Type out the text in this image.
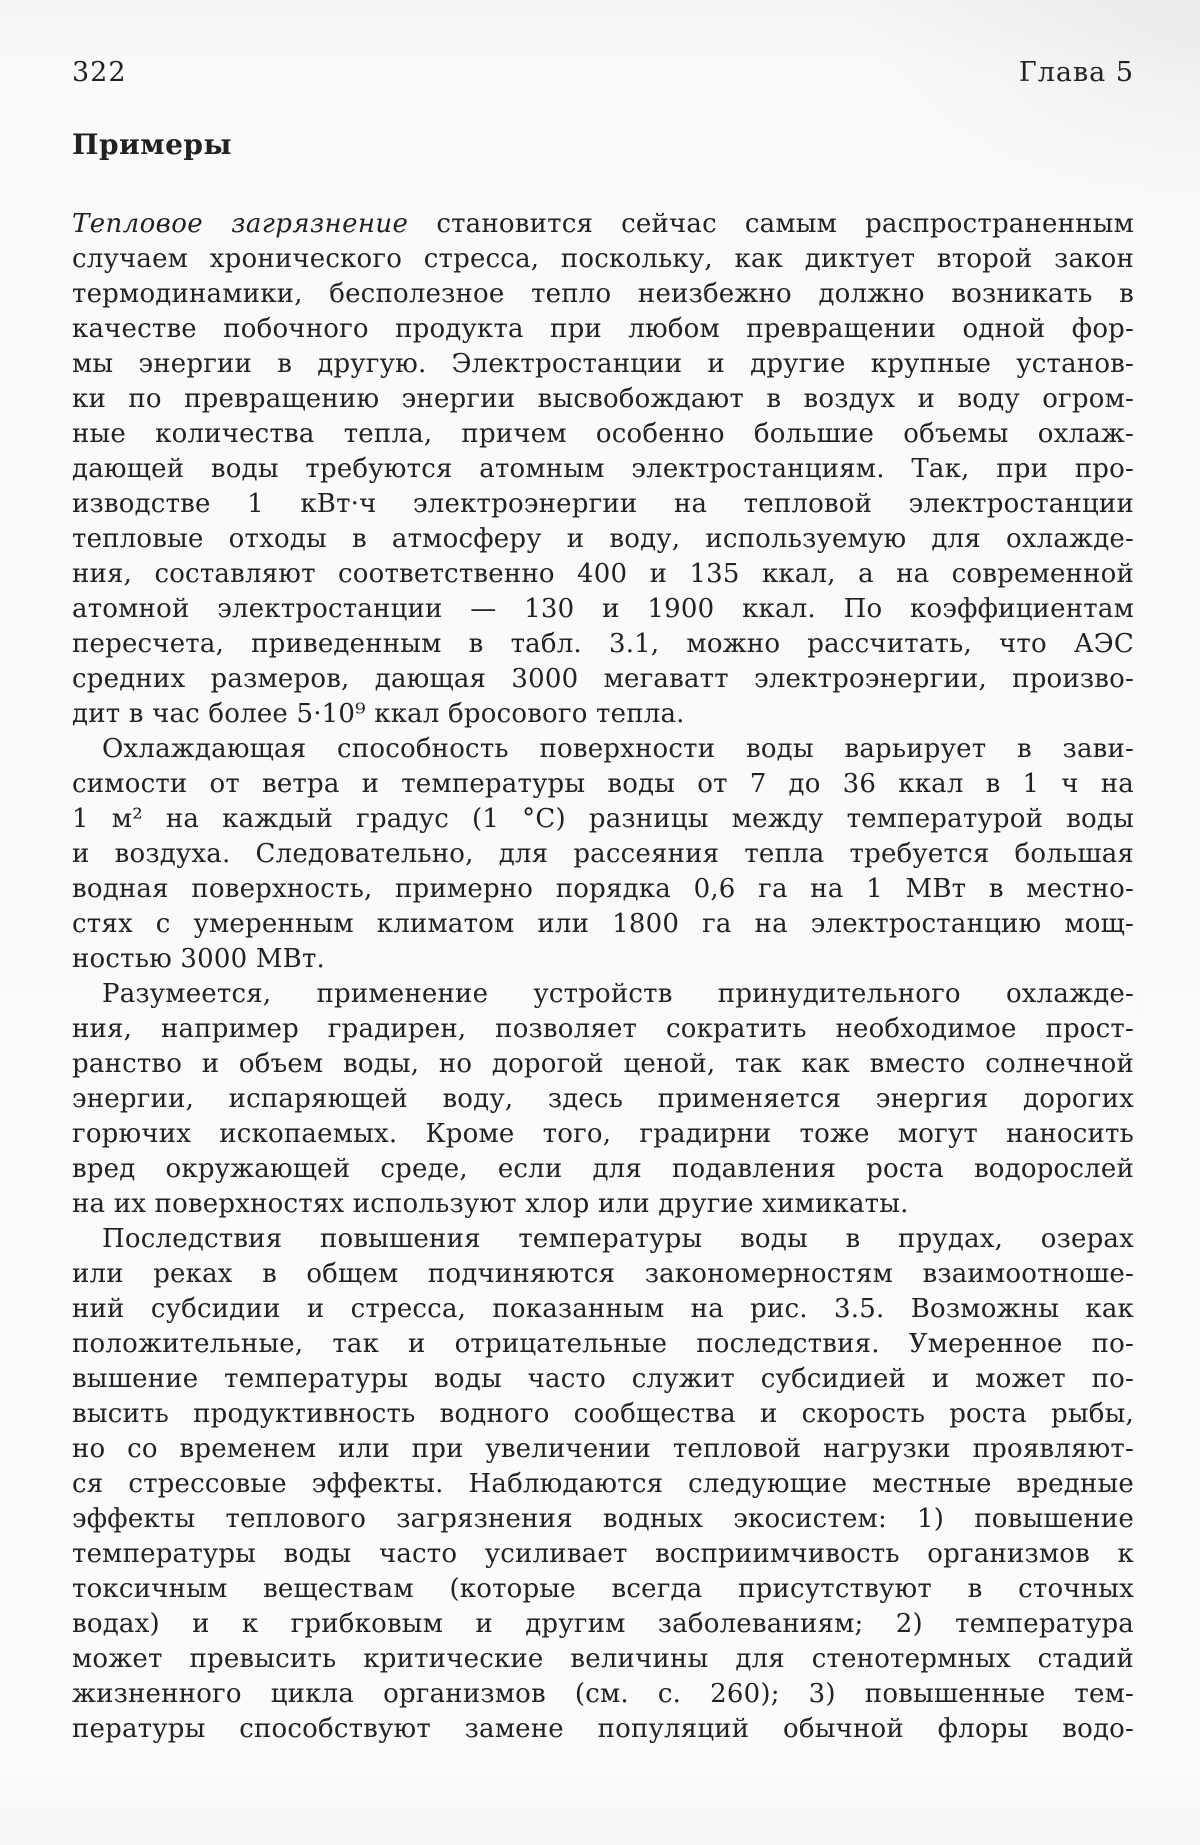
322	Глава 5
Примеры
Тепловое загрязнение становится сейчас самым распространенным
случаем хронического стресса, поскольку, как диктует второй закон
термодинамики, бесполезное тепло неизбежно должно возникать в
качестве побочного продукта при любом превращении одной фор-
мы энергии в другую. Электростанции и другие крупные установ-
ки по превращению энергии высвобождают в воздух и воду огром-
ные количества тепла, причем особенно большие объемы охлаж-
дающей воды требуются атомным электростанциям. Так, при про-
изводстве 1 кВт·ч электроэнергии на тепловой электростанции
тепловые отходы в атмосферу и воду, используемую для охлажде-
ния, составляют соответственно 400 и 135 ккал, а на современной
атомной электростанции — 130 и 1900 ккал. По коэффициентам
пересчета, приведенным в табл. 3.1, можно рассчитать, что АЭС
средних размеров, дающая 3000 мегаватт электроэнергии, произво-
дит в час более 5·10⁹ ккал бросового тепла.
Охлаждающая способность поверхности воды варьирует в зави-
симости от ветра и температуры воды от 7 до 36 ккал в 1 ч на
1 м² на каждый градус (1 °С) разницы между температурой воды
и воздуха. Следовательно, для рассеяния тепла требуется большая
водная поверхность, примерно порядка 0,6 га на 1 МВт в местно-
стях с умеренным климатом или 1800 га на электростанцию мощ-
ностью 3000 МВт.
Разумеется, применение устройств принудительного охлажде-
ния, например градирен, позволяет сократить необходимое прост-
ранство и объем воды, но дорогой ценой, так как вместо солнечной
энергии, испаряющей воду, здесь применяется энергия дорогих
горючих ископаемых. Кроме того, градирни тоже могут наносить
вред окружающей среде, если для подавления роста водорослей
на их поверхностях используют хлор или другие химикаты.
Последствия повышения температуры воды в прудах, озерах
или реках в общем подчиняются закономерностям взаимоотноше-
ний субсидии и стресса, показанным на рис. 3.5. Возможны как
положительные, так и отрицательные последствия. Умеренное по-
вышение температуры воды часто служит субсидией и может по-
высить продуктивность водного сообщества и скорость роста рыбы,
но со временем или при увеличении тепловой нагрузки проявляют-
ся стрессовые эффекты. Наблюдаются следующие местные вредные
эффекты теплового загрязнения водных экосистем: 1) повышение
температуры воды часто усиливает восприимчивость организмов к
токсичным веществам (которые всегда присутствуют в сточных
водах) и к грибковым и другим заболеваниям; 2) температура
может превысить критические величины для стенотермных стадий
жизненного цикла организмов (см. с. 260); 3) повышенные тем-
пературы способствуют замене популяций обычной флоры водо-
